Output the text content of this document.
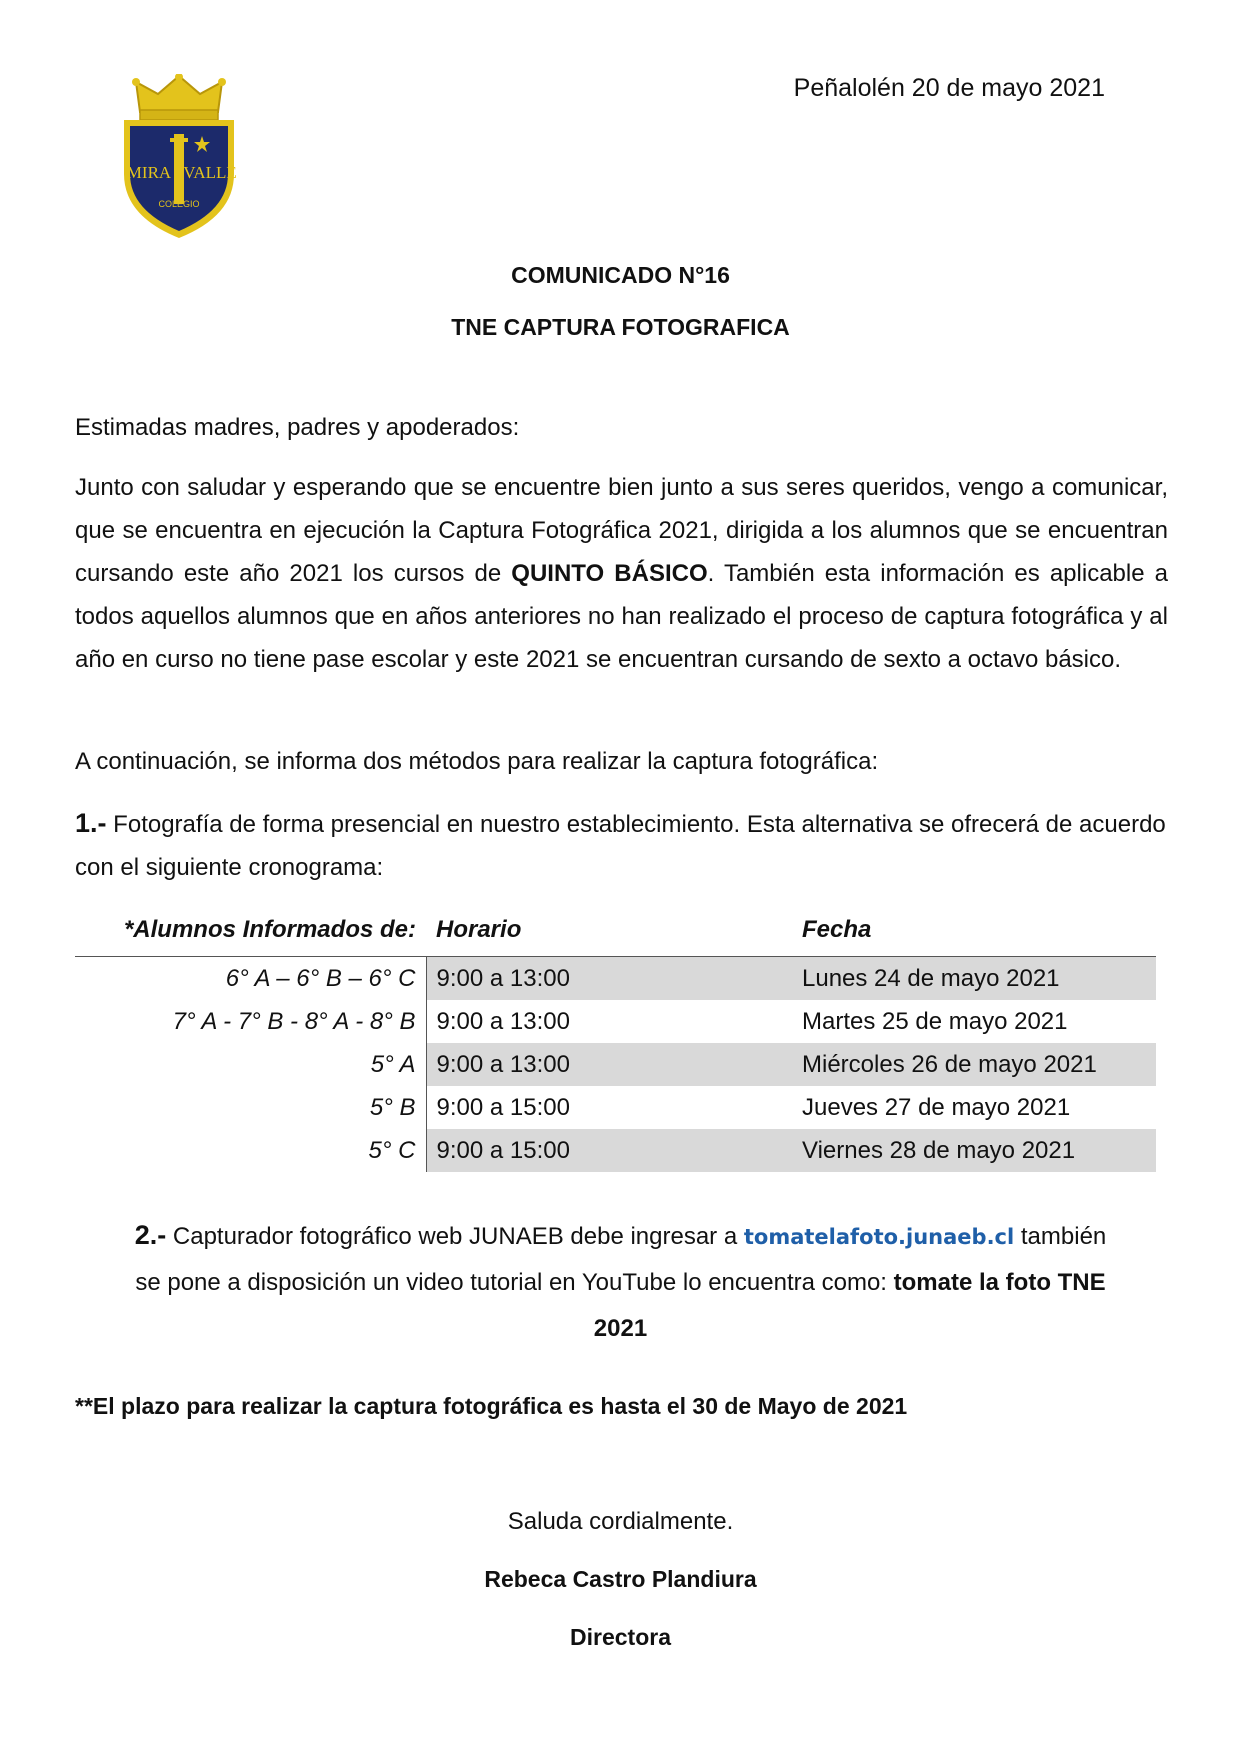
Peñalolén 20 de mayo 2021
MIRA VALLE
COLEGIO
COMUNICADO N°16
TNE CAPTURA FOTOGRAFICA
Estimadas madres, padres y apoderados:
Junto con saludar y esperando que se encuentre bien junto a sus seres queridos, vengo a comunicar, que se encuentra en ejecución la Captura Fotográfica 2021, dirigida a los alumnos que se encuentran cursando este año 2021 los cursos de QUINTO BÁSICO. También esta información es aplicable a todos aquellos alumnos que en años anteriores no han realizado el proceso de captura fotográfica y al año en curso no tiene pase escolar y este 2021 se encuentran cursando de sexto a octavo básico.
A continuación, se informa dos métodos para realizar la captura fotográfica:
1.- Fotografía de forma presencial en nuestro establecimiento. Esta alternativa se ofrecerá de acuerdo con el siguiente cronograma:
*Alumnos Informados de:	Horario	Fecha
6° A – 6° B – 6° C	9:00 a 13:00	Lunes 24 de mayo 2021
7° A - 7° B - 8° A - 8° B	9:00 a 13:00	Martes 25 de mayo 2021
5° A	9:00 a 13:00	Miércoles 26 de mayo 2021
5° B	9:00 a 15:00	Jueves 27 de mayo 2021
5° C	9:00 a 15:00	Viernes 28 de mayo 2021
2.- Capturador fotográfico web JUNAEB debe ingresar a tomatelafoto.junaeb.cl también se pone a disposición un video tutorial en YouTube lo encuentra como: tomate la foto TNE 2021
**El plazo para realizar la captura fotográfica es hasta el 30 de Mayo de 2021
Saluda cordialmente.
Rebeca Castro Plandiura
Directora
